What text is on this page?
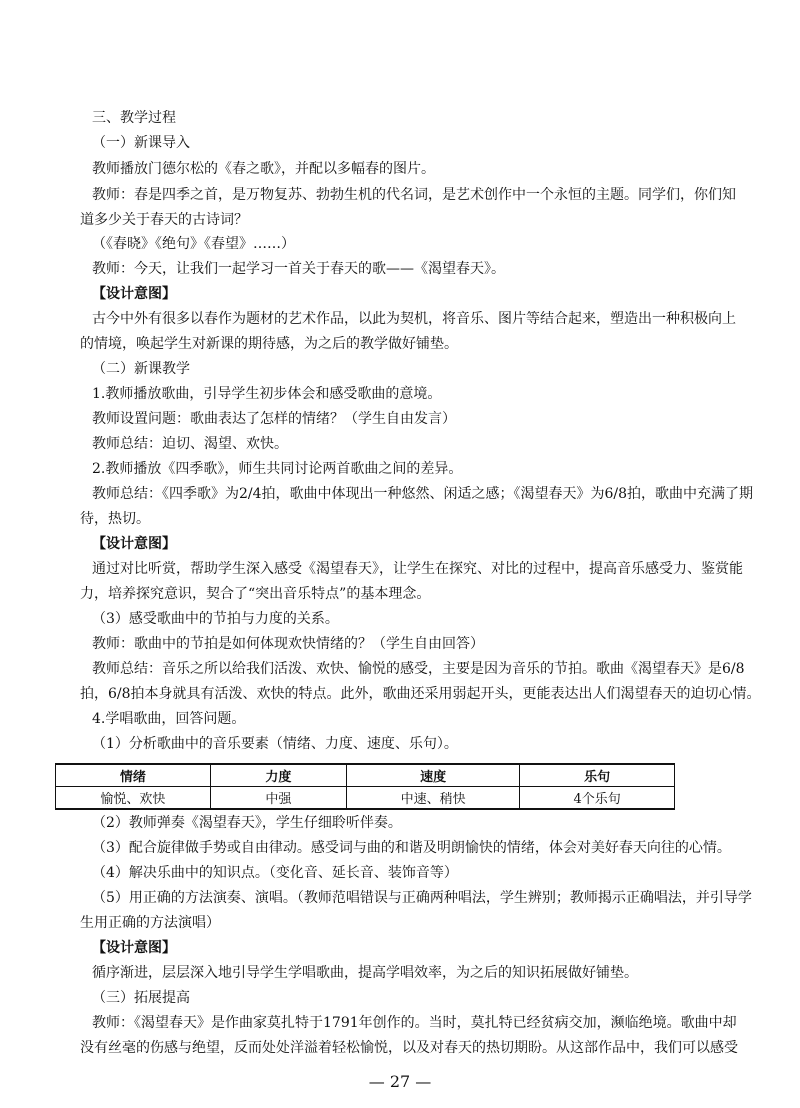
三、教学过程
（一）新课导入
教师播放门德尔松的《春之歌》，并配以多幅春的图片。
教师：春是四季之首，是万物复苏、勃勃生机的代名词，是艺术创作中一个永恒的主题。同学们，你们知
道多少关于春天的古诗词？
（《春晓》《绝句》《春望》……）
教师：今天，让我们一起学习一首关于春天的歌——《渴望春天》。
【设计意图】
古今中外有很多以春作为题材的艺术作品，以此为契机，将音乐、图片等结合起来，塑造出一种积极向上
的情境，唤起学生对新课的期待感，为之后的教学做好铺垫。
（二）新课教学
1.教师播放歌曲，引导学生初步体会和感受歌曲的意境。
教师设置问题：歌曲表达了怎样的情绪？（学生自由发言）
教师总结：迫切、渴望、欢快。
2.教师播放《四季歌》，师生共同讨论两首歌曲之间的差异。
教师总结：《四季歌》为2/4拍，歌曲中体现出一种悠然、闲适之感；《渴望春天》为6/8拍，歌曲中充满了期
待，热切。
【设计意图】
通过对比听赏，帮助学生深入感受《渴望春天》，让学生在探究、对比的过程中，提高音乐感受力、鉴赏能
力，培养探究意识，契合了“突出音乐特点”的基本理念。
（3）感受歌曲中的节拍与力度的关系。
教师：歌曲中的节拍是如何体现欢快情绪的？（学生自由回答）
教师总结：音乐之所以给我们活泼、欢快、愉悦的感受，主要是因为音乐的节拍。歌曲《渴望春天》是6/8
拍，6/8拍本身就具有活泼、欢快的特点。此外，歌曲还采用弱起开头，更能表达出人们渴望春天的迫切心情。
4.学唱歌曲，回答问题。
（1）分析歌曲中的音乐要素（情绪、力度、速度、乐句）。
情绪	力度	速度	乐句
愉悦、欢快	中强	中速、稍快	4个乐句
（2）教师弹奏《渴望春天》，学生仔细聆听伴奏。
（3）配合旋律做手势或自由律动。感受词与曲的和谐及明朗愉快的情绪，体会对美好春天向往的心情。
（4）解决乐曲中的知识点。（变化音、延长音、装饰音等）
（5）用正确的方法演奏、演唱。（教师范唱错误与正确两种唱法，学生辨别；教师揭示正确唱法，并引导学
生用正确的方法演唱）
【设计意图】
循序渐进，层层深入地引导学生学唱歌曲，提高学唱效率，为之后的知识拓展做好铺垫。
（三）拓展提高
教师：《渴望春天》是作曲家莫扎特于1791年创作的。当时，莫扎特已经贫病交加，濒临绝境。歌曲中却
没有丝毫的伤感与绝望，反而处处洋溢着轻松愉悦，以及对春天的热切期盼。从这部作品中，我们可以感受
— 27 —
